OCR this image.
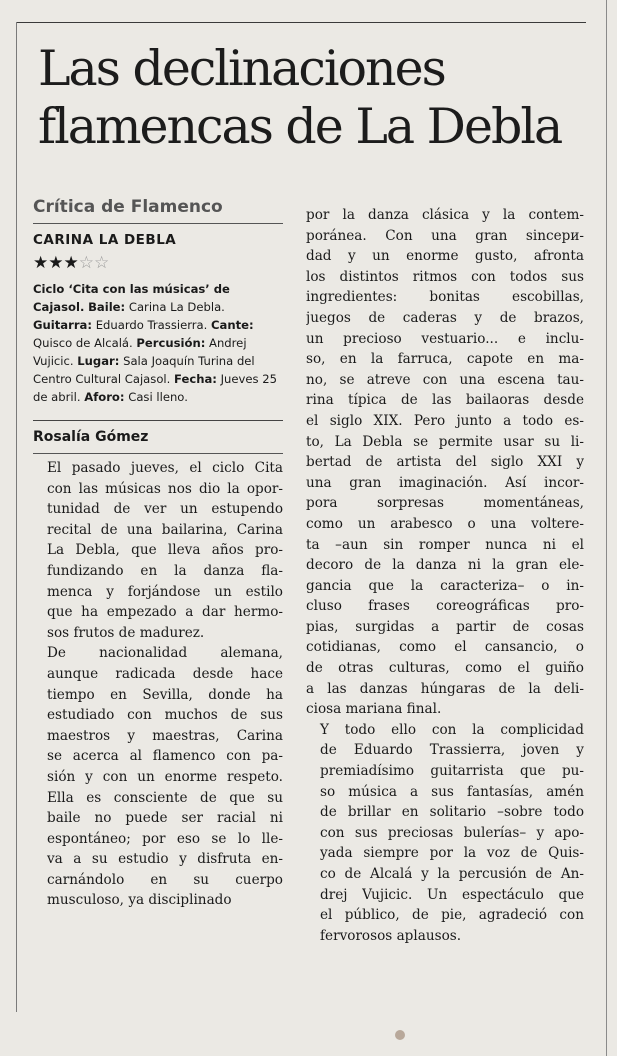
Las declinaciones
flamencas de La Debla
Crítica de Flamenco
CARINA LA DEBLA
★★★☆☆
Ciclo ‘Cita con las músicas’ de Cajasol. Baile: Carina La Debla. Guitarra: Eduardo Trassierra. Cante: Quisco de Alcalá. Percusión: Andrej Vujicic. Lugar: Sala Joaquín Turina del Centro Cultural Cajasol. Fecha: Jueves 25 de abril. Aforo: Casi lleno.
Rosalía Gómez

El pasado jueves, el ciclo Cita
con las músicas nos dio la opor-
tunidad de ver un estupendo
recital de una bailarina, Carina
La Debla, que lleva años pro-
fundizando en la danza fla-
menca y forjándose un estilo
que ha empezado a dar hermo-
sos frutos de madurez.

De nacionalidad alemana,
aunque radicada desde hace
tiempo en Sevilla, donde ha
estudiado con muchos de sus
maestros y maestras, Carina
se acerca al flamenco con pa-
sión y con un enorme respeto.
Ella es consciente de que su
baile no puede ser racial ni
espontáneo; por eso se lo lle-
va a su estudio y disfruta en-
carnándolo en su cuerpo
musculoso, ya disciplinado

por la danza clásica y la contem-
poránea. Con una gran sincери-
dad y un enorme gusto, afronta
los distintos ritmos con todos sus
ingredientes: bonitas escobillas,
juegos de caderas y de brazos,
un precioso vestuario... e inclu-
so, en la farruca, capote en ma-
no, se atreve con una escena tau-
rina típica de las bailaoras desde
el siglo XIX. Pero junto a todo es-
to, La Debla se permite usar su li-
bertad de artista del siglo XXI y
una gran imaginación. Así incor-
pora sorpresas momentáneas,
como un arabesco o una voltere-
ta –aun sin romper nunca ni el
decoro de la danza ni la gran ele-
gancia que la caracteriza– o in-
cluso frases coreográficas pro-
pias, surgidas a partir de cosas
cotidianas, como el cansancio, o
de otras culturas, como el guiño
a las danzas húngaras de la deli-
ciosa mariana final.

Y todo ello con la complicidad
de Eduardo Trassierra, joven y
premiadísimo guitarrista que pu-
so música a sus fantasías, amén
de brillar en solitario –sobre todo
con sus preciosas bulerías– y apo-
yada siempre por la voz de Quis-
co de Alcalá y la percusión de An-
drej Vujicic. Un espectáculo que
el público, de pie, agradeció con
fervorosos aplausos.
